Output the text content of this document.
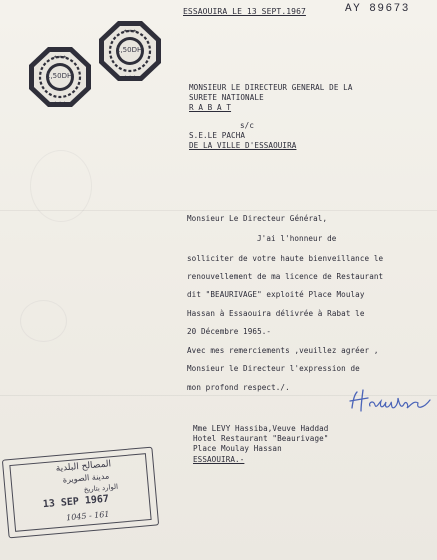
ESSAOUIRA LE 13 SEPT.1967	AY 89673
★ ★ ★
★ ★ ★
1,50DH
★ ★ ★
★ ★ ★
1,50DH
MONSIEUR LE DIRECTEUR GENERAL DE LA
SURETE NATIONALE
R A B A T
s/c
S.E.LE PACHA
DE LA VILLE D'ESSAOUIRA
Monsieur Le Directeur Général,
J'ai l'honneur de
solliciter de votre haute bienveillance le
renouvellement de ma licence de Restaurant
dit "BEAURIVAGE" exploité Place Moulay
Hassan à Essaouira délivrée à Rabat le
20 Décembre 1965.-
Avec mes remerciements ,veuillez agréer ,
Monsieur le Directeur l'expression de
mon profond respect./.
Mme LEVY Hassiba,Veuve Haddad
Hotel Restaurant "Beaurivage"
Place Moulay Hassan
ESSAOUIRA.-
المصالح البلدية
مدينة الصويرة
الوارد بتاريخ
13 SEP 1967
1045 - 161
